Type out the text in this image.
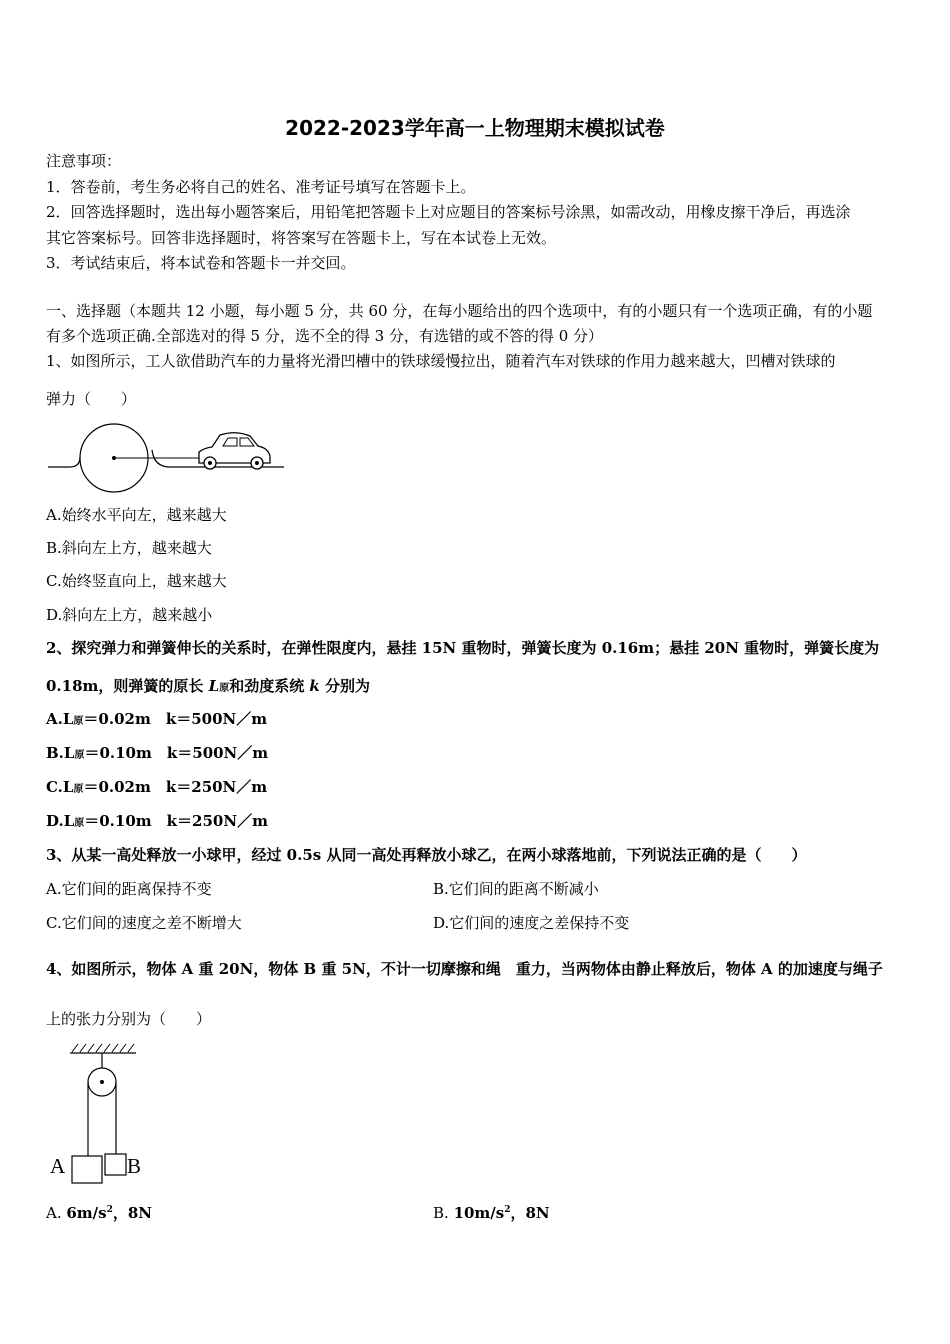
2022-2023学年高一上物理期末模拟试卷
注意事项：
1．答卷前，考生务必将自己的姓名、准考证号填写在答题卡上。
2．回答选择题时，选出每小题答案后，用铅笔把答题卡上对应题目的答案标号涂黑，如需改动，用橡皮擦干净后，再选涂
其它答案标号。回答非选择题时，将答案写在答题卡上，写在本试卷上无效。
3．考试结束后，将本试卷和答题卡一并交回。
一、选择题（本题共 12 小题，每小题 5 分，共 60 分，在每小题给出的四个选项中，有的小题只有一个选项正确，有的小题
有多个选项正确.全部选对的得 5 分，选不全的得 3 分，有选错的或不答的得 0 分）
1、如图所示，工人欲借助汽车的力量将光滑凹槽中的铁球缓慢拉出，随着汽车对铁球的作用力越来越大，凹槽对铁球的
弹力（　　）
A.始终水平向左，越来越大
B.斜向左上方，越来越大
C.始终竖直向上，越来越大
D.斜向左上方，越来越小
2、探究弹力和弹簧伸长的关系时，在弹性限度内，悬挂 15N 重物时，弹簧长度为 0.16m；悬挂 20N 重物时，弹簧长度为
0.18m，则弹簧的原长 L原和劲度系统 k 分别为
A.L原＝0.02m　k＝500N／m
B.L原＝0.10m　k＝500N／m
C.L原＝0.02m　k＝250N／m
D.L原＝0.10m　k＝250N／m
3、从某一高处释放一小球甲，经过 0.5s 从同一高处再释放小球乙，在两小球落地前，下列说法正确的是（　　）
A.它们间的距离保持不变	B.它们间的距离不断减小
C.它们间的速度之差不断增大	D.它们间的速度之差保持不变
4、如图所示，物体 A 重 20N，物体 B 重 5N，不计一切摩擦和绳　重力，当两物体由静止释放后，物体 A 的加速度与绳子
上的张力分别为（　　）
A	B
A. $6m/s^2$，8N	B. $10m/s^2$，8N
